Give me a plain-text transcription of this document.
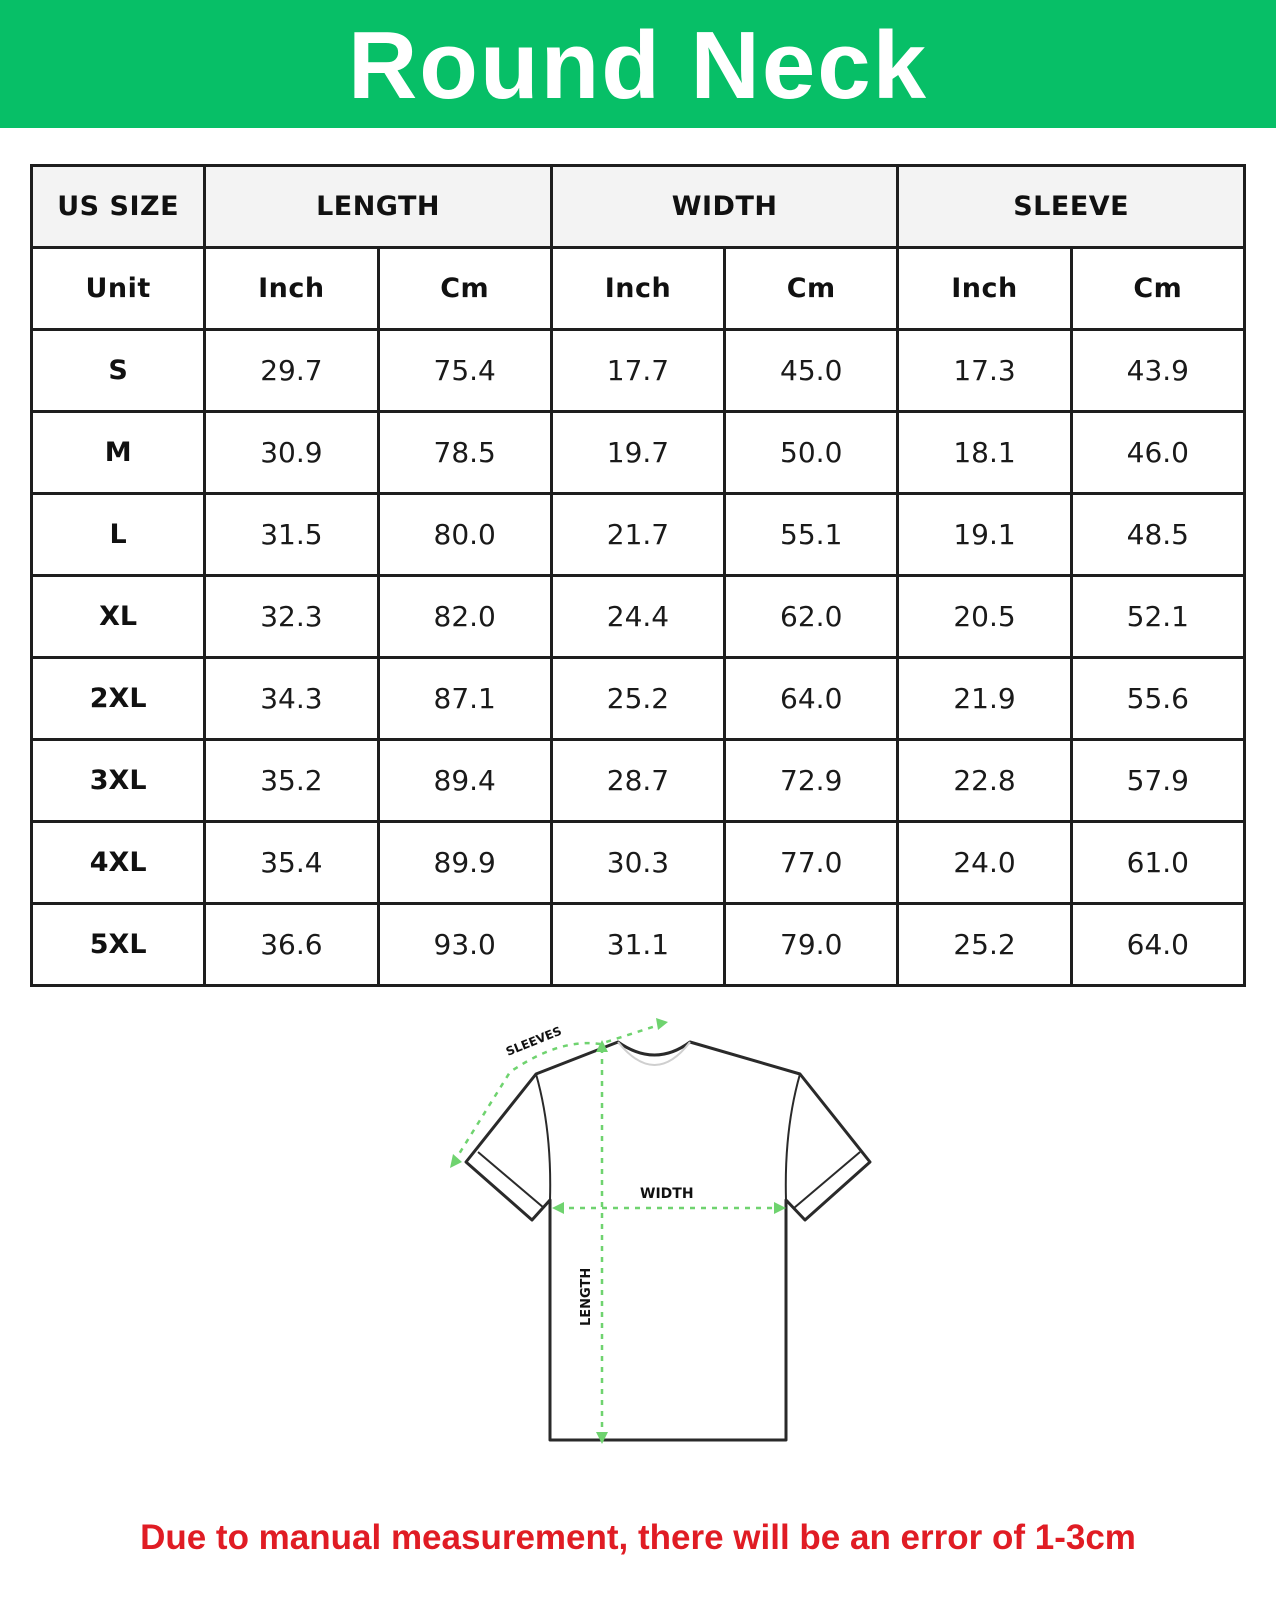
Round Neck
US SIZE	LENGTH		WIDTH		SLEEVE	
Unit	Inch	Cm	Inch	Cm	Inch	Cm
S	29.7	75.4	17.7	45.0	17.3	43.9
M	30.9	78.5	19.7	50.0	18.1	46.0
L	31.5	80.0	21.7	55.1	19.1	48.5
XL	32.3	82.0	24.4	62.0	20.5	52.1
2XL	34.3	87.1	25.2	64.0	21.9	55.6
3XL	35.2	89.4	28.7	72.9	22.8	57.9
4XL	35.4	89.9	30.3	77.0	24.0	61.0
5XL	36.6	93.0	31.1	79.0	25.2	64.0
SLEEVES
WIDTH
LENGTH
Due to manual measurement, there will be an error of 1-3cm
